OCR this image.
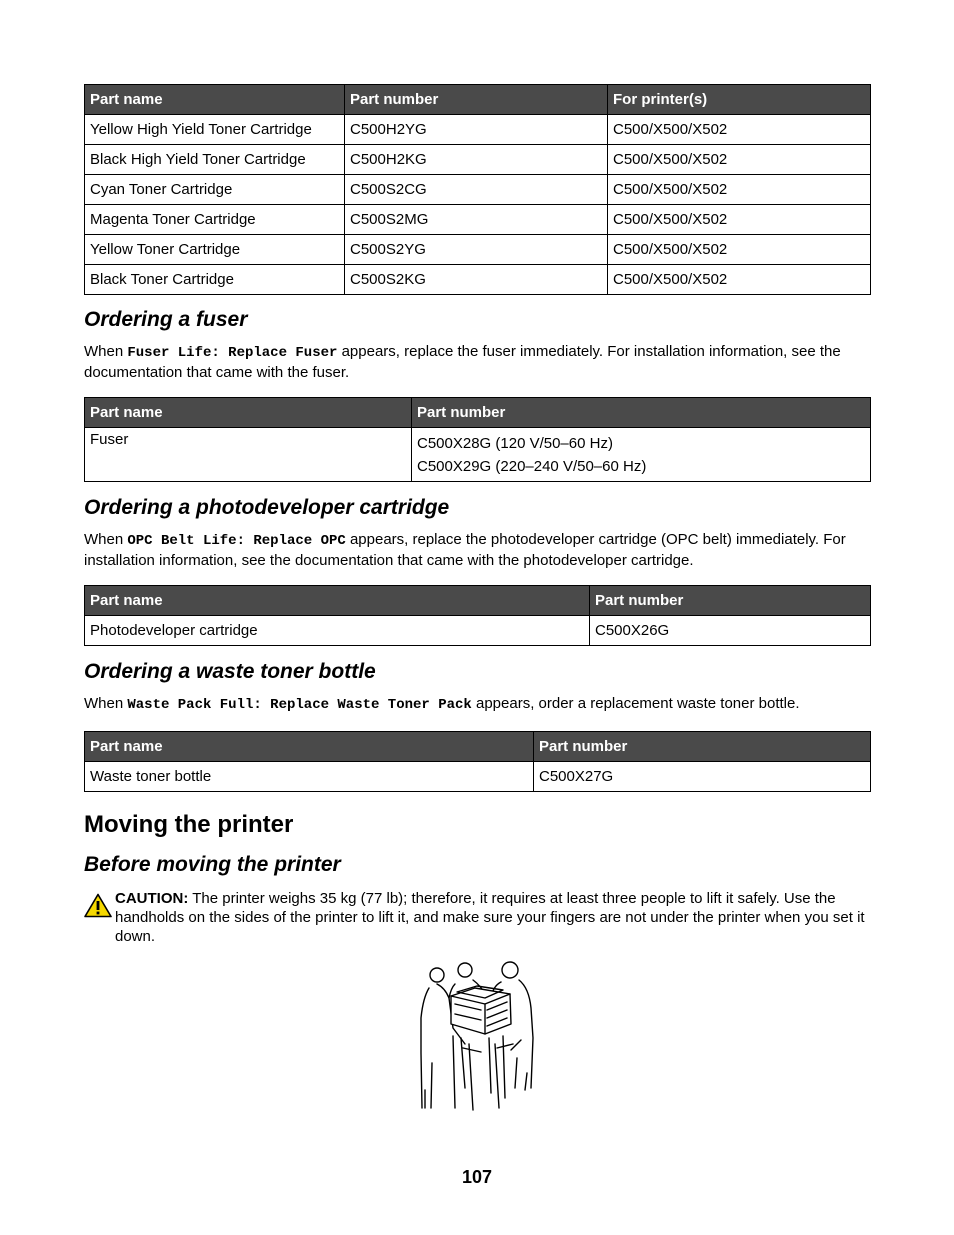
Part name	Part number	For printer(s)
Yellow High Yield Toner Cartridge	C500H2YG	C500/X500/X502
Black High Yield Toner Cartridge	C500H2KG	C500/X500/X502
Cyan Toner Cartridge	C500S2CG	C500/X500/X502
Magenta Toner Cartridge	C500S2MG	C500/X500/X502
Yellow Toner Cartridge	C500S2YG	C500/X500/X502
Black Toner Cartridge	C500S2KG	C500/X500/X502
Ordering a fuser

When Fuser Life: Replace Fuser appears, replace the fuser immediately. For installation information, see the documentation that came with the fuser.

Part name	Part number
Fuser	C500X28G (120 V/50–60 Hz)
C500X29G (220–240 V/50–60 Hz)
Ordering a photodeveloper cartridge

When OPC Belt Life: Replace OPC appears, replace the photodeveloper cartridge (OPC belt) immediately. For installation information, see the documentation that came with the photodeveloper cartridge.

Part name	Part number
Photodeveloper cartridge	C500X26G
Ordering a waste toner bottle

When Waste Pack Full: Replace Waste Toner Pack appears, order a replacement waste toner bottle.

Part name	Part number
Waste toner bottle	C500X27G
Moving the printer
Before moving the printer

CAUTION: The printer weighs 35 kg (77 lb); therefore, it requires at least three people to lift it safely. Use the handholds on the sides of the printer to lift it, and make sure your fingers are not under the printer when you set it down.

107
